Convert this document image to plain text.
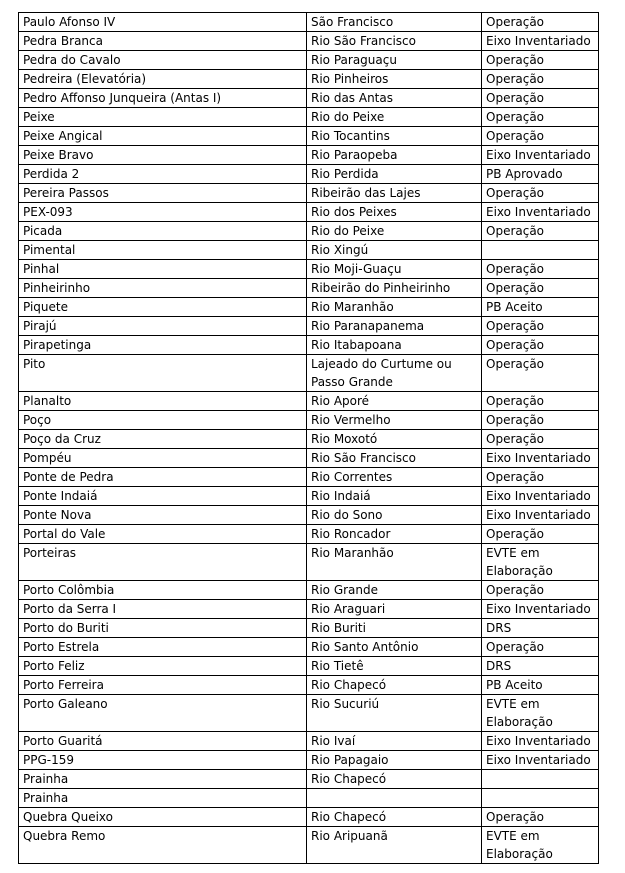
Paulo Afonso IV	São Francisco	Operação
Pedra Branca	Rio São Francisco	Eixo Inventariado
Pedra do Cavalo	Rio Paraguaçu	Operação
Pedreira (Elevatória)	Rio Pinheiros	Operação
Pedro Affonso Junqueira (Antas I)	Rio das Antas	Operação
Peixe	Rio do Peixe	Operação
Peixe Angical	Rio Tocantins	Operação
Peixe Bravo	Rio Paraopeba	Eixo Inventariado
Perdida 2	Rio Perdida	PB Aprovado
Pereira Passos	Ribeirão das Lajes	Operação
PEX-093	Rio dos Peixes	Eixo Inventariado
Picada	Rio do Peixe	Operação
Pimental	Rio Xingú	
Pinhal	Rio Moji-Guaçu	Operação
Pinheirinho	Ribeirão do Pinheirinho	Operação
Piquete	Rio Maranhão	PB Aceito
Pirajú	Rio Paranapanema	Operação
Pirapetinga	Rio Itabapoana	Operação
Pito	Lajeado do Curtume ou Passo Grande	Operação
Planalto	Rio Aporé	Operação
Poço	Rio Vermelho	Operação
Poço da Cruz	Rio Moxotó	Operação
Pompéu	Rio São Francisco	Eixo Inventariado
Ponte de Pedra	Rio Correntes	Operação
Ponte Indaiá	Rio Indaiá	Eixo Inventariado
Ponte Nova	Rio do Sono	Eixo Inventariado
Portal do Vale	Rio Roncador	Operação
Porteiras	Rio Maranhão	EVTE em Elaboração
Porto Colômbia	Rio Grande	Operação
Porto da Serra I	Rio Araguari	Eixo Inventariado
Porto do Buriti	Rio Buriti	DRS
Porto Estrela	Rio Santo Antônio	Operação
Porto Feliz	Rio Tietê	DRS
Porto Ferreira	Rio Chapecó	PB Aceito
Porto Galeano	Rio Sucuriú	EVTE em Elaboração
Porto Guaritá	Rio Ivaí	Eixo Inventariado
PPG-159	Rio Papagaio	Eixo Inventariado
Prainha	Rio Chapecó	
Prainha		
Quebra Queixo	Rio Chapecó	Operação
Quebra Remo	Rio Aripuanã	EVTE em Elaboração
